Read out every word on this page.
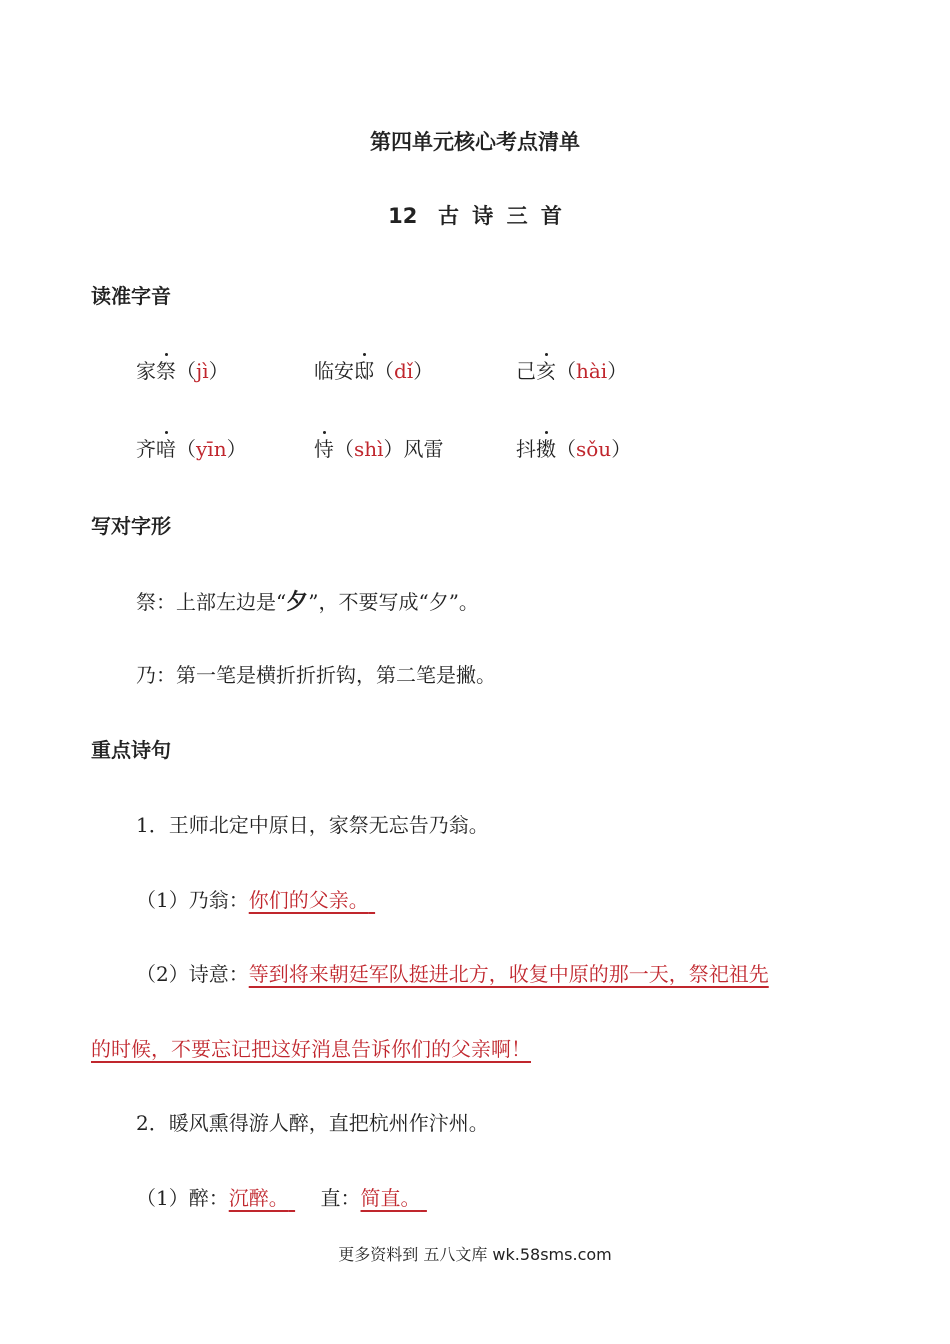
第四单元核心考点清单
12 古 诗 三 首
读准字音
家祭（jì）	临安邸（dǐ）	己亥（hài）
齐喑（yīn）	恃（shì）风雷	抖擞（sǒu）
写对字形
祭：上部左边是“夕”，不要写成“夕”。
乃：第一笔是横折折折钩，第二笔是撇。
重点诗句
1．王师北定中原日，家祭无忘告乃翁。
（1）乃翁：你们的父亲。
（2）诗意：等到将来朝廷军队挺进北方，收复中原的那一天，祭祀祖先
的时候，不要忘记把这好消息告诉你们的父亲啊！
2．暖风熏得游人醉，直把杭州作汴州。
（1）醉：沉醉。 直：简直。
更多资料到 五八文库 wk.58sms.com
